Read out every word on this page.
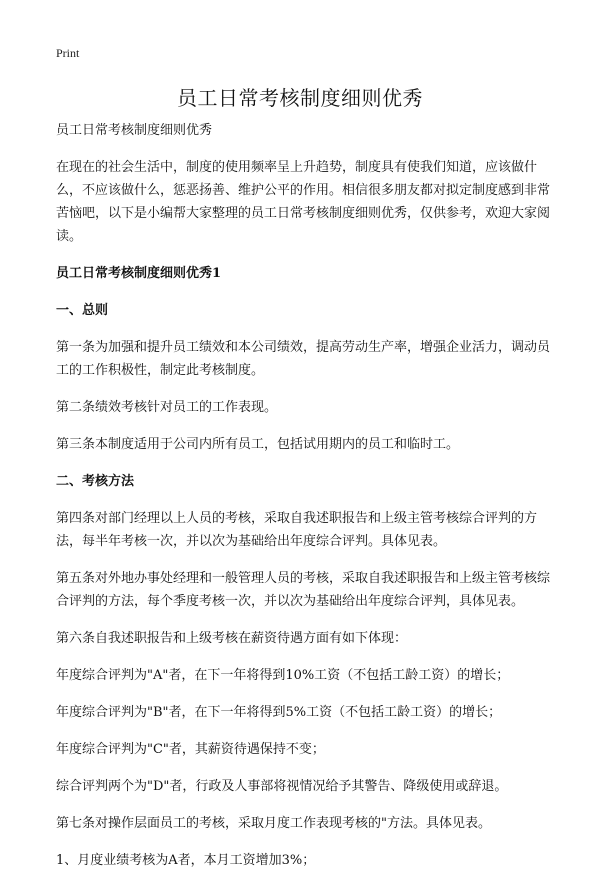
Print
员工日常考核制度细则优秀

员工日常考核制度细则优秀

在现在的社会生活中，制度的使用频率呈上升趋势，制度具有使我们知道，应该做什么，不应该做什么，惩恶扬善、维护公平的作用。相信很多朋友都对拟定制度感到非常苦恼吧，以下是小编帮大家整理的员工日常考核制度细则优秀，仅供参考，欢迎大家阅读。

员工日常考核制度细则优秀1

一、总则

第一条为加强和提升员工绩效和本公司绩效，提高劳动生产率，增强企业活力，调动员工的工作积极性，制定此考核制度。

第二条绩效考核针对员工的工作表现。

第三条本制度适用于公司内所有员工，包括试用期内的员工和临时工。

二、考核方法

第四条对部门经理以上人员的考核，采取自我述职报告和上级主管考核综合评判的方法，每半年考核一次，并以次为基础给出年度综合评判。具体见表。

第五条对外地办事处经理和一般管理人员的考核，采取自我述职报告和上级主管考核综合评判的方法，每个季度考核一次，并以次为基础给出年度综合评判，具体见表。

第六条自我述职报告和上级考核在薪资待遇方面有如下体现：

年度综合评判为"A"者，在下一年将得到10%工资（不包括工龄工资）的增长；

年度综合评判为"B"者，在下一年将得到5%工资（不包括工龄工资）的增长；

年度综合评判为"C"者，其薪资待遇保持不变；

综合评判两个为"D"者，行政及人事部将视情况给予其警告、降级使用或辞退。

第七条对操作层面员工的考核，采取月度工作表现考核的"方法。具体见表。

1、月度业绩考核为A者，本月工资增加3%；
